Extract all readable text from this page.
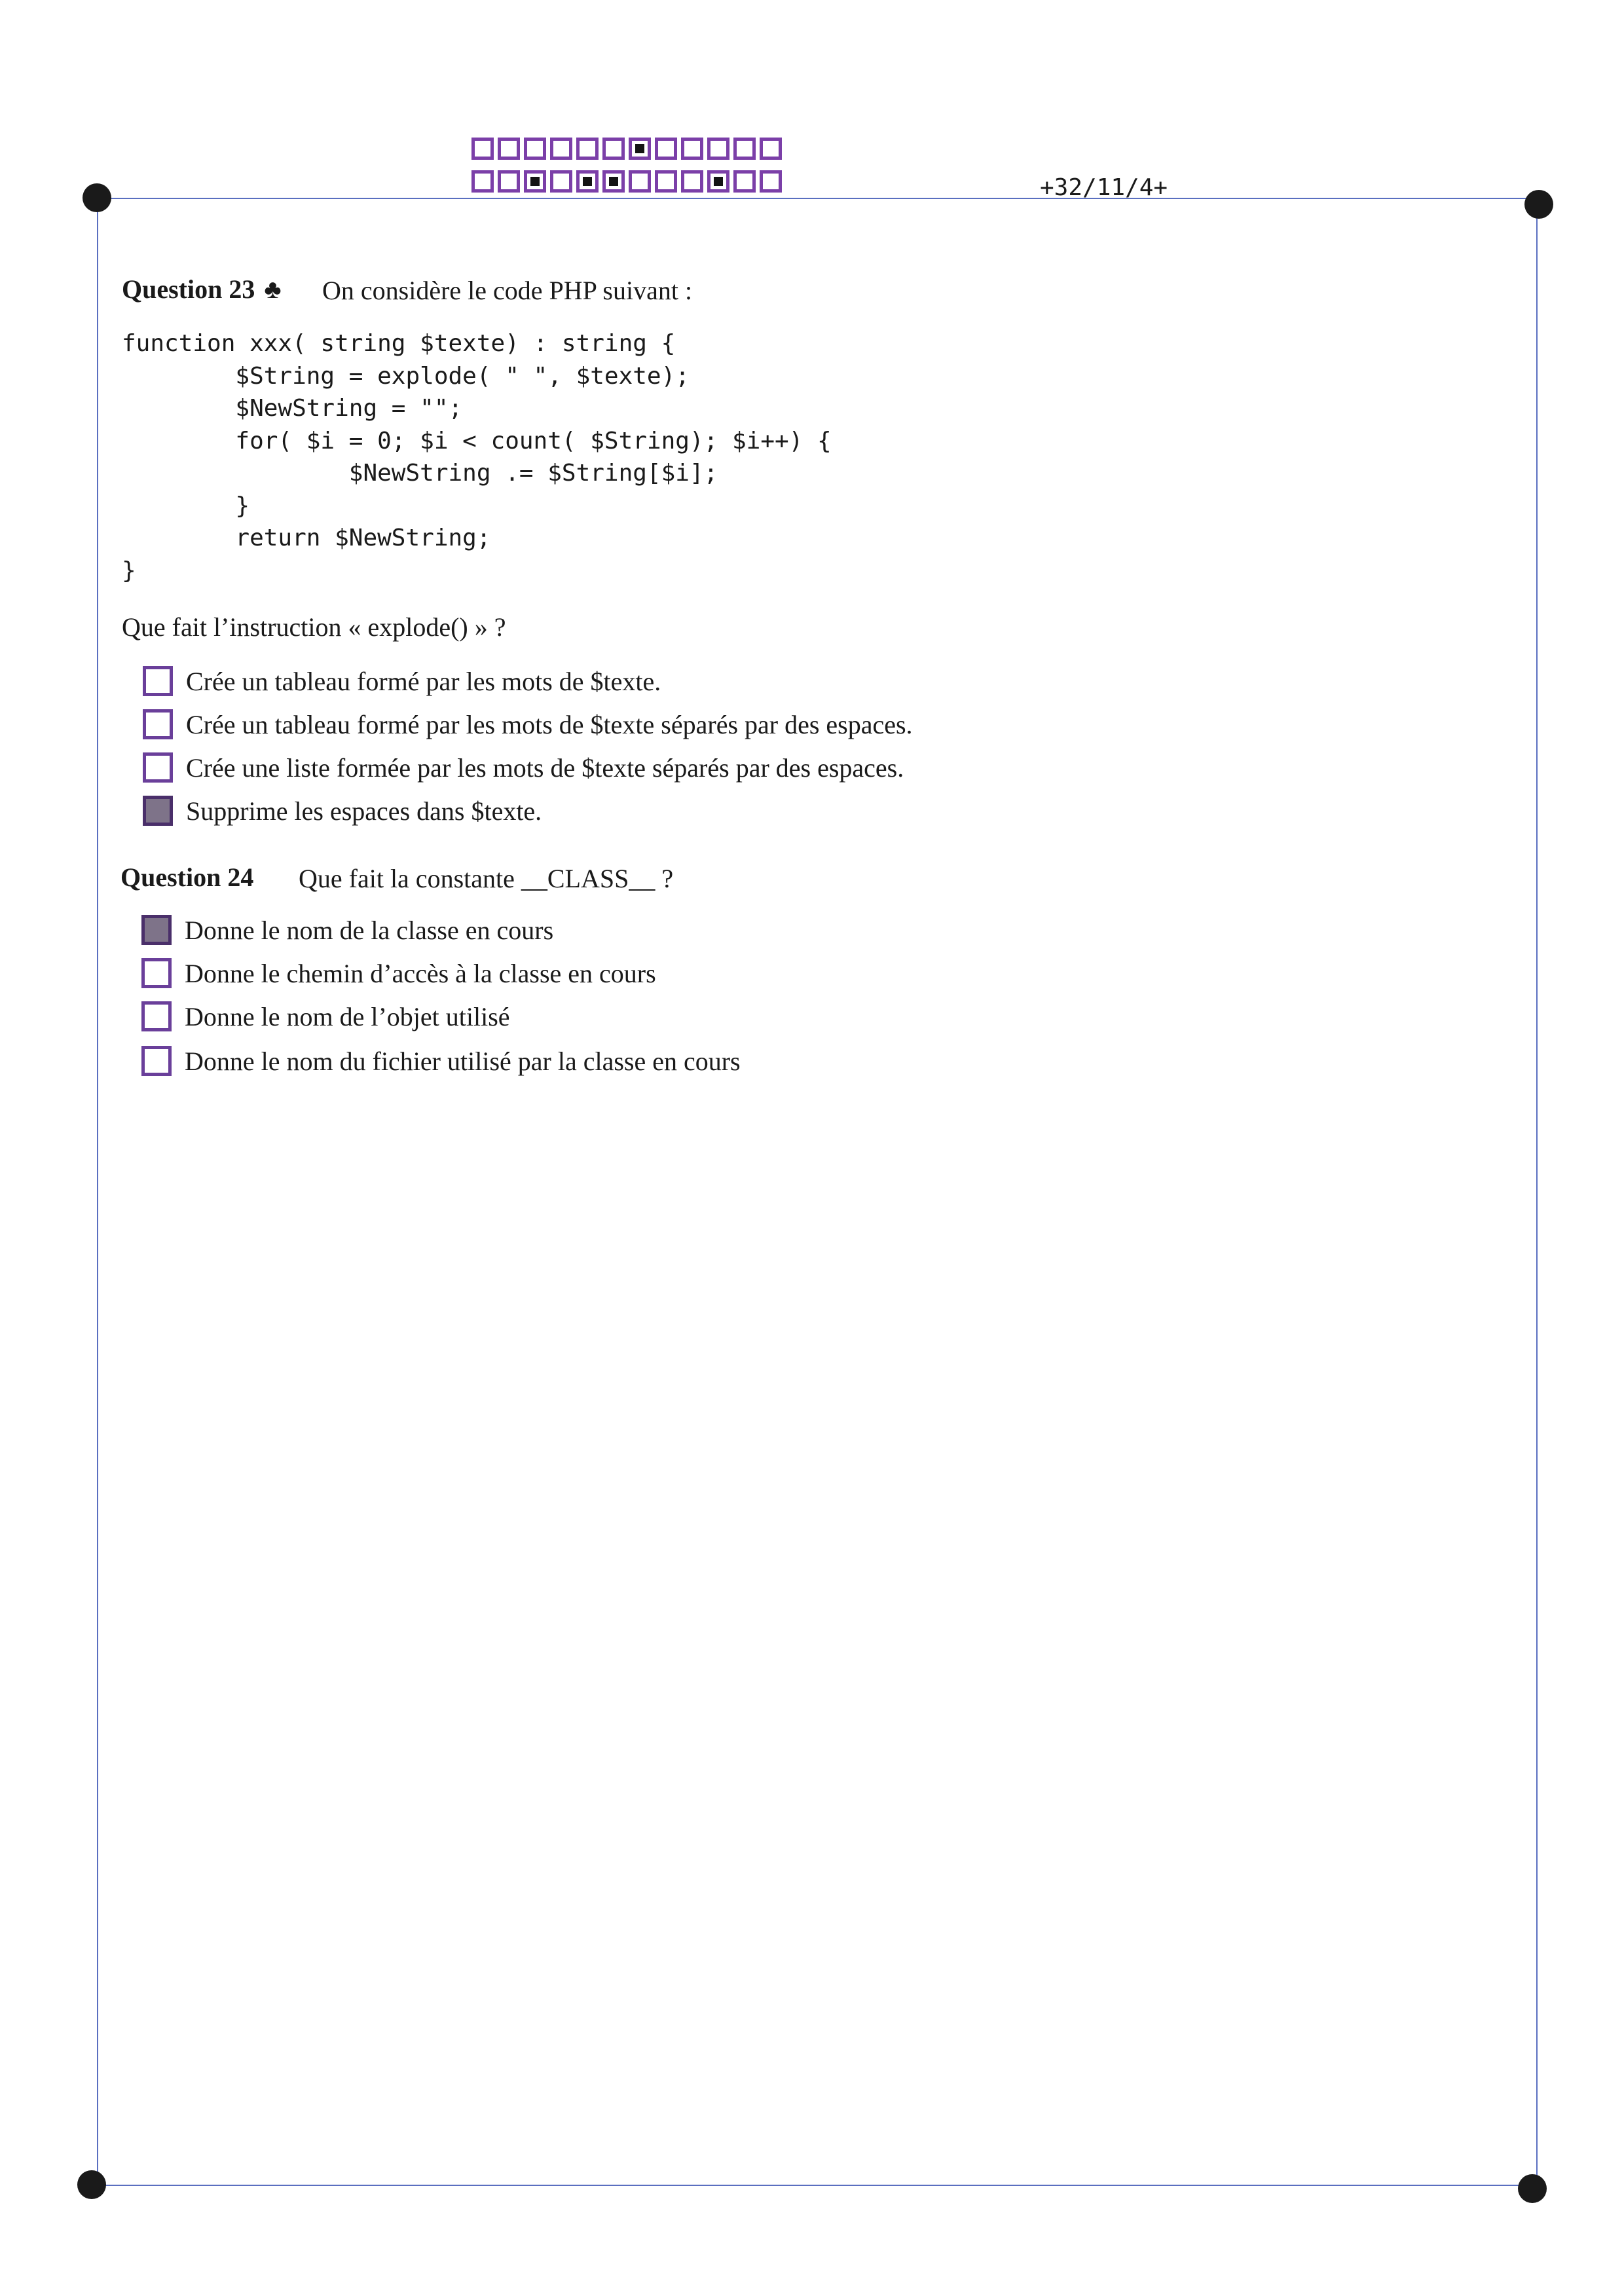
+32/11/4+
Question 23 ♣ On considère le code PHP suivant :
function xxx( string $texte) : string {
$String = explode( " ", $texte);
$NewString = "";
for( $i = 0; $i < count( $String); $i++) {
$NewString .= $String[$i];
}
return $NewString;
}
Que fait l’instruction « explode() » ?
Crée un tableau formé par les mots de $texte.
Crée un tableau formé par les mots de $texte séparés par des espaces.
Crée une liste formée par les mots de $texte séparés par des espaces.
Supprime les espaces dans $texte.
Question 24 Que fait la constante __CLASS__ ?
Donne le nom de la classe en cours
Donne le chemin d’accès à la classe en cours
Donne le nom de l’objet utilisé
Donne le nom du fichier utilisé par la classe en cours
